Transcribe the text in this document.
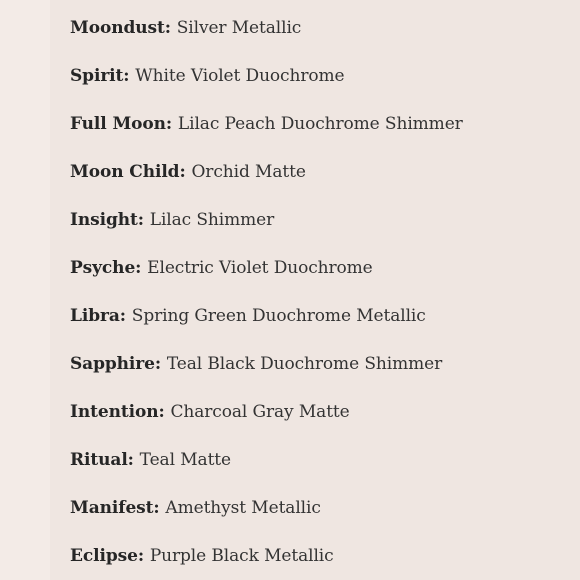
Moondust: Silver Metallic
Spirit: White Violet Duochrome
Full Moon: Lilac Peach Duochrome Shimmer
Moon Child: Orchid Matte
Insight: Lilac Shimmer
Psyche: Electric Violet Duochrome
Libra: Spring Green Duochrome Metallic
Sapphire: Teal Black Duochrome Shimmer
Intention: Charcoal Gray Matte
Ritual: Teal Matte
Manifest: Amethyst Metallic
Eclipse: Purple Black Metallic
